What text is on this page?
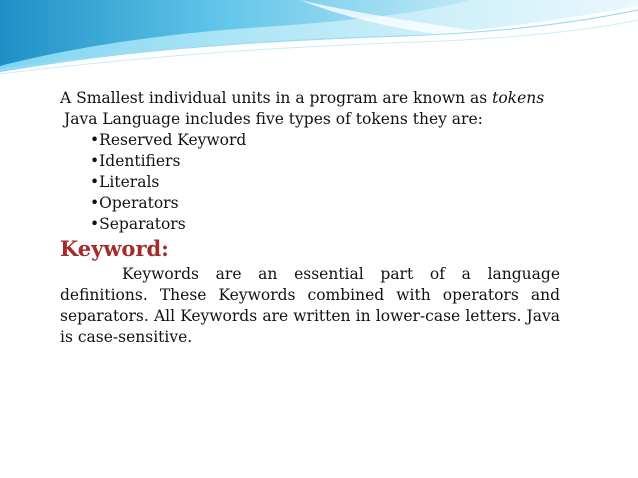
A Smallest individual units in a program are known as tokens
Java Language includes five types of tokens they are:
•Reserved Keyword
•Identifiers
•Literals
•Operators
•Separators
Keyword:
Keywords are an essential part of a language definitions. These Keywords combined with operators and separators. All Keywords are written in lower-case letters. Java is case-sensitive.
